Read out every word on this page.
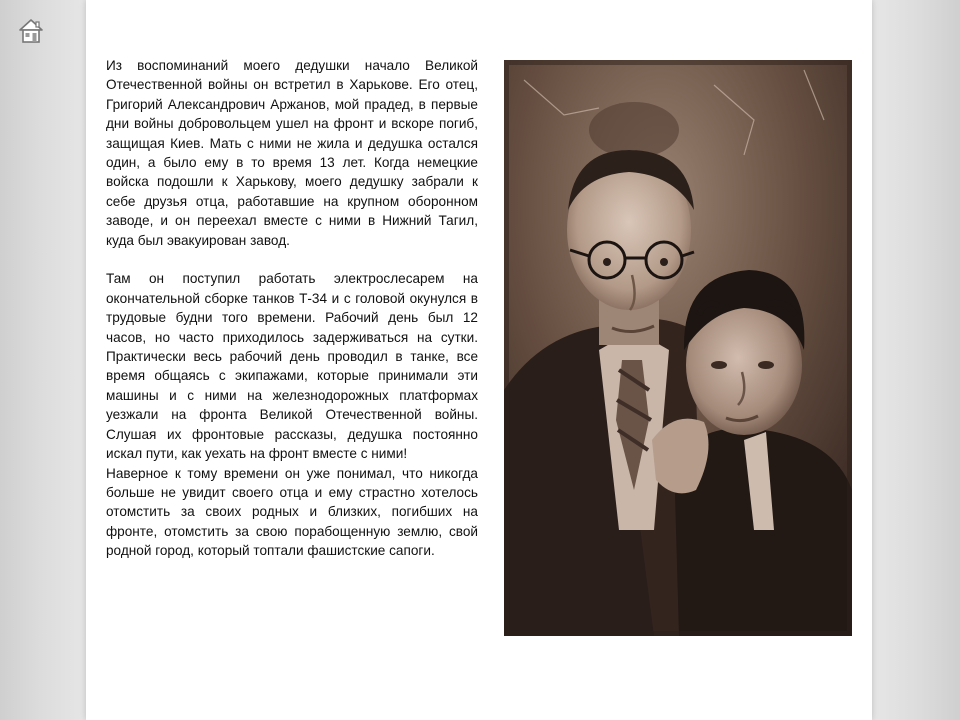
Из воспоминаний моего дедушки начало Великой Отечественной войны он встретил в Харькове. Его отец, Григорий Александрович Аржанов, мой прадед, в первые дни войны добровольцем ушел на фронт и вскоре погиб, защищая Киев. Мать с ними не жила и дедушка остался один, а было ему в то время 13 лет. Когда немецкие войска подошли к Харькову, моего дедушку забрали к себе друзья отца, работавшие на крупном оборонном заводе, и он переехал вместе с ними в Нижний Тагил, куда был эвакуирован завод.

Там он поступил работать электрослесарем на окончательной сборке танков Т-34 и с головой окунулся в трудовые будни того времени. Рабочий день был 12 часов, но часто приходилось задерживаться на сутки. Практически весь рабочий день проводил в танке, все время общаясь с экипажами, которые принимали эти машины и с ними на железнодорожных платформах уезжали на фронта Великой Отечественной войны. Слушая их фронтовые рассказы, дедушка постоянно искал пути, как уехать на фронт вместе с ними!

Наверное к тому времени он уже понимал, что никогда больше не увидит своего отца и ему страстно хотелось отомстить за своих родных и близких, погибших на фронте, отомстить за свою порабощенную землю, свой родной город, который топтали фашистские сапоги.
